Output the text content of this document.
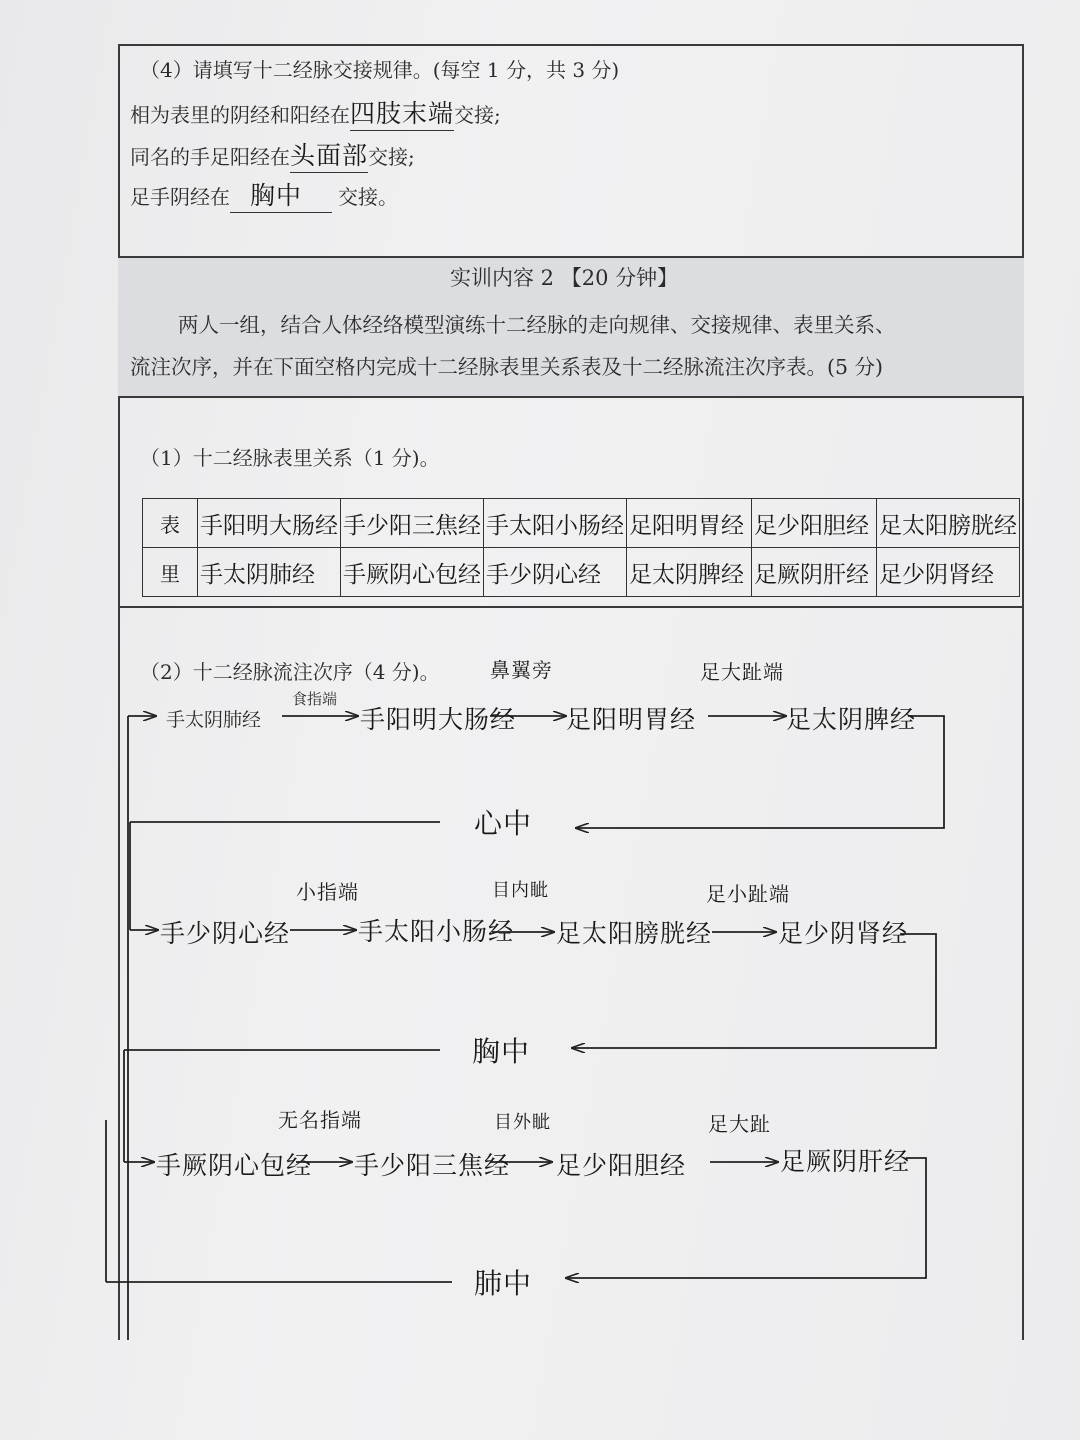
（4）请填写十二经脉交接规律。(每空 1 分，共 3 分)
相为表里的阴经和阳经在四肢末端交接;
同名的手足阳经在头面部交接;
足手阴经在 胸中 交接。
实训内容 2 【20 分钟】
两人一组，结合人体经络模型演练十二经脉的走向规律、交接规律、表里关系、
流注次序，并在下面空格内完成十二经脉表里关系表及十二经脉流注次序表。(5 分)
（1）十二经脉表里关系（1 分)。
表	手阳明大肠经	手少阳三焦经	手太阳小肠经	足阳明胃经	足少阳胆经	足太阳膀胱经
里	手太阴肺经	手厥阴心包经	手少阴心经	足太阴脾经	足厥阴肝经	足少阴肾经
（2）十二经脉流注次序（4 分)。
手太阴肺经
食指端
手阳明大肠经
鼻翼旁
足阳明胃经
足大趾端
足太阴脾经
心中
手少阴心经
小指端
手太阳小肠经
目内眦
足太阳膀胱经
足小趾端
足少阴肾经
胸中
手厥阴心包经
无名指端
手少阳三焦经
目外眦
足少阳胆经
足大趾
足厥阴肝经
肺中
